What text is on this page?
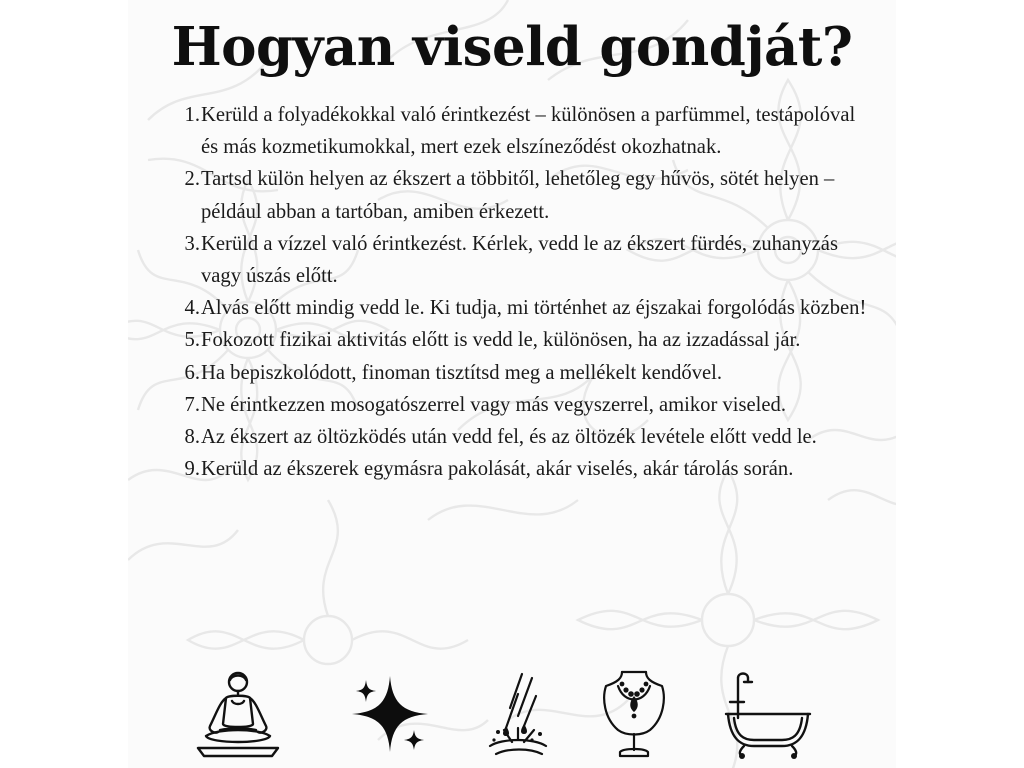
Hogyan viseld gondját?
1. Kerüld a folyadékokkal való érintkezést – különösen a parfümmel, testápolóval és más kozmetikumokkal, mert ezek elszíneződést okozhatnak.
2. Tartsd külön helyen az ékszert a többitől, lehetőleg egy hűvös, sötét helyen – például abban a tartóban, amiben érkezett.
3. Kerüld a vízzel való érintkezést. Kérlek, vedd le az ékszert fürdés, zuhanyzás vagy úszás előtt.
4. Alvás előtt mindig vedd le. Ki tudja, mi történhet az éjszakai forgolódás közben!
5. Fokozott fizikai aktivitás előtt is vedd le, különösen, ha az izzadással jár.
6. Ha bepiszkolódott, finoman tisztítsd meg a mellékelt kendővel.
7. Ne érintkezzen mosogatószerrel vagy más vegyszerrel, amikor viseled.
8. Az ékszert az öltözködés után vedd fel, és az öltözék levétele előtt vedd le.
9. Kerüld az ékszerek egymásra pakolását, akár viselés, akár tárolás során.
